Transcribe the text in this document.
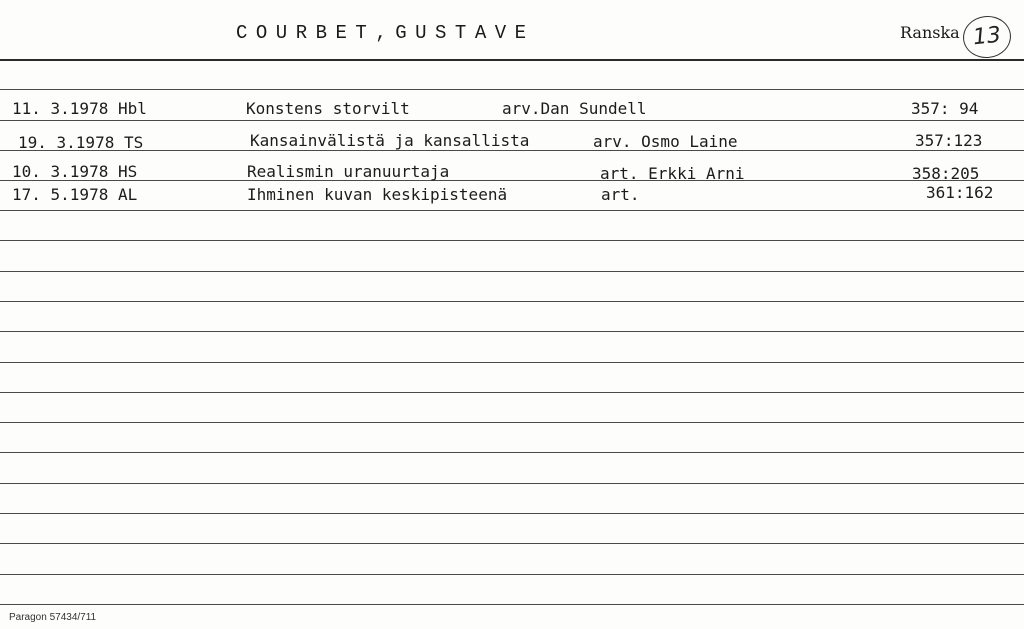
COURBET,GUSTAVE	Ranska 13
11. 3.1978 Hbl	Konstens storvilt	arv.Dan Sundell	357: 94
19. 3.1978 TS	Kansainvälistä ja kansallista	arv. Osmo Laine	357:123
10. 3.1978 HS	Realismin uranuurtaja	art. Erkki Arni	358:205
17. 5.1978 AL	Ihminen kuvan keskipisteenä	art.	361:162
Paragon 57434/711
